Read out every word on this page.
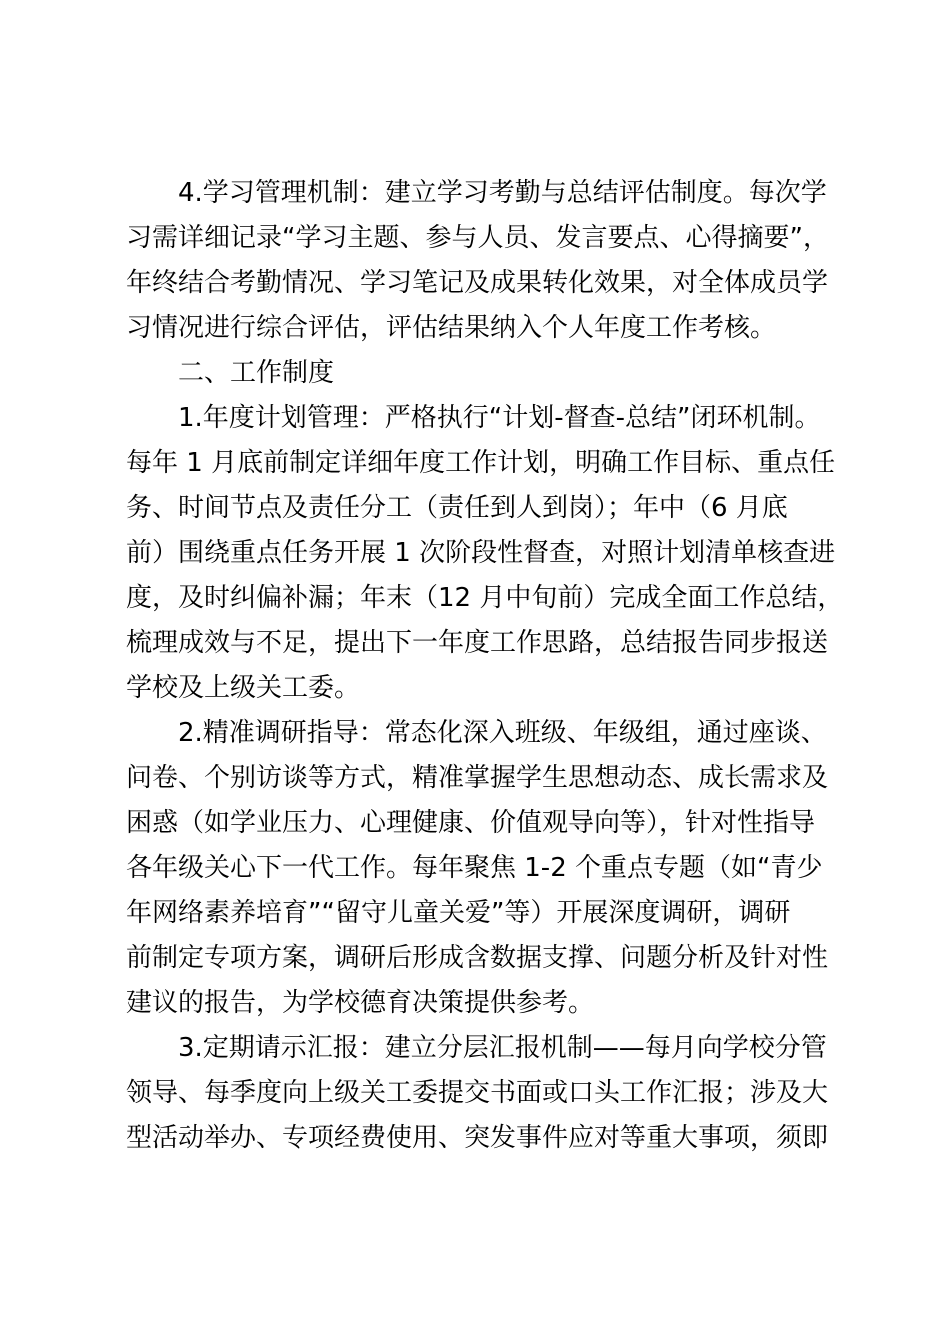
4.学习管理机制：建立学习考勤与总结评估制度。每次学
习需详细记录“学习主题、参与人员、发言要点、心得摘要”，
年终结合考勤情况、学习笔记及成果转化效果，对全体成员学
习情况进行综合评估，评估结果纳入个人年度工作考核。
二、工作制度
1.年度计划管理：严格执行“计划-督查-总结”闭环机制。
每年 1 月底前制定详细年度工作计划，明确工作目标、重点任
务、时间节点及责任分工（责任到人到岗）；年中（6 月底
前）围绕重点任务开展 1 次阶段性督查，对照计划清单核查进
度，及时纠偏补漏；年末（12 月中旬前）完成全面工作总结，
梳理成效与不足，提出下一年度工作思路，总结报告同步报送
学校及上级关工委。
2.精准调研指导：常态化深入班级、年级组，通过座谈、
问卷、个别访谈等方式，精准掌握学生思想动态、成长需求及
困惑（如学业压力、心理健康、价值观导向等），针对性指导
各年级关心下一代工作。每年聚焦 1-2 个重点专题（如“青少
年网络素养培育”“留守儿童关爱”等）开展深度调研，调研
前制定专项方案，调研后形成含数据支撑、问题分析及针对性
建议的报告，为学校德育决策提供参考。
3.定期请示汇报：建立分层汇报机制——每月向学校分管
领导、每季度向上级关工委提交书面或口头工作汇报；涉及大
型活动举办、专项经费使用、突发事件应对等重大事项，须即
